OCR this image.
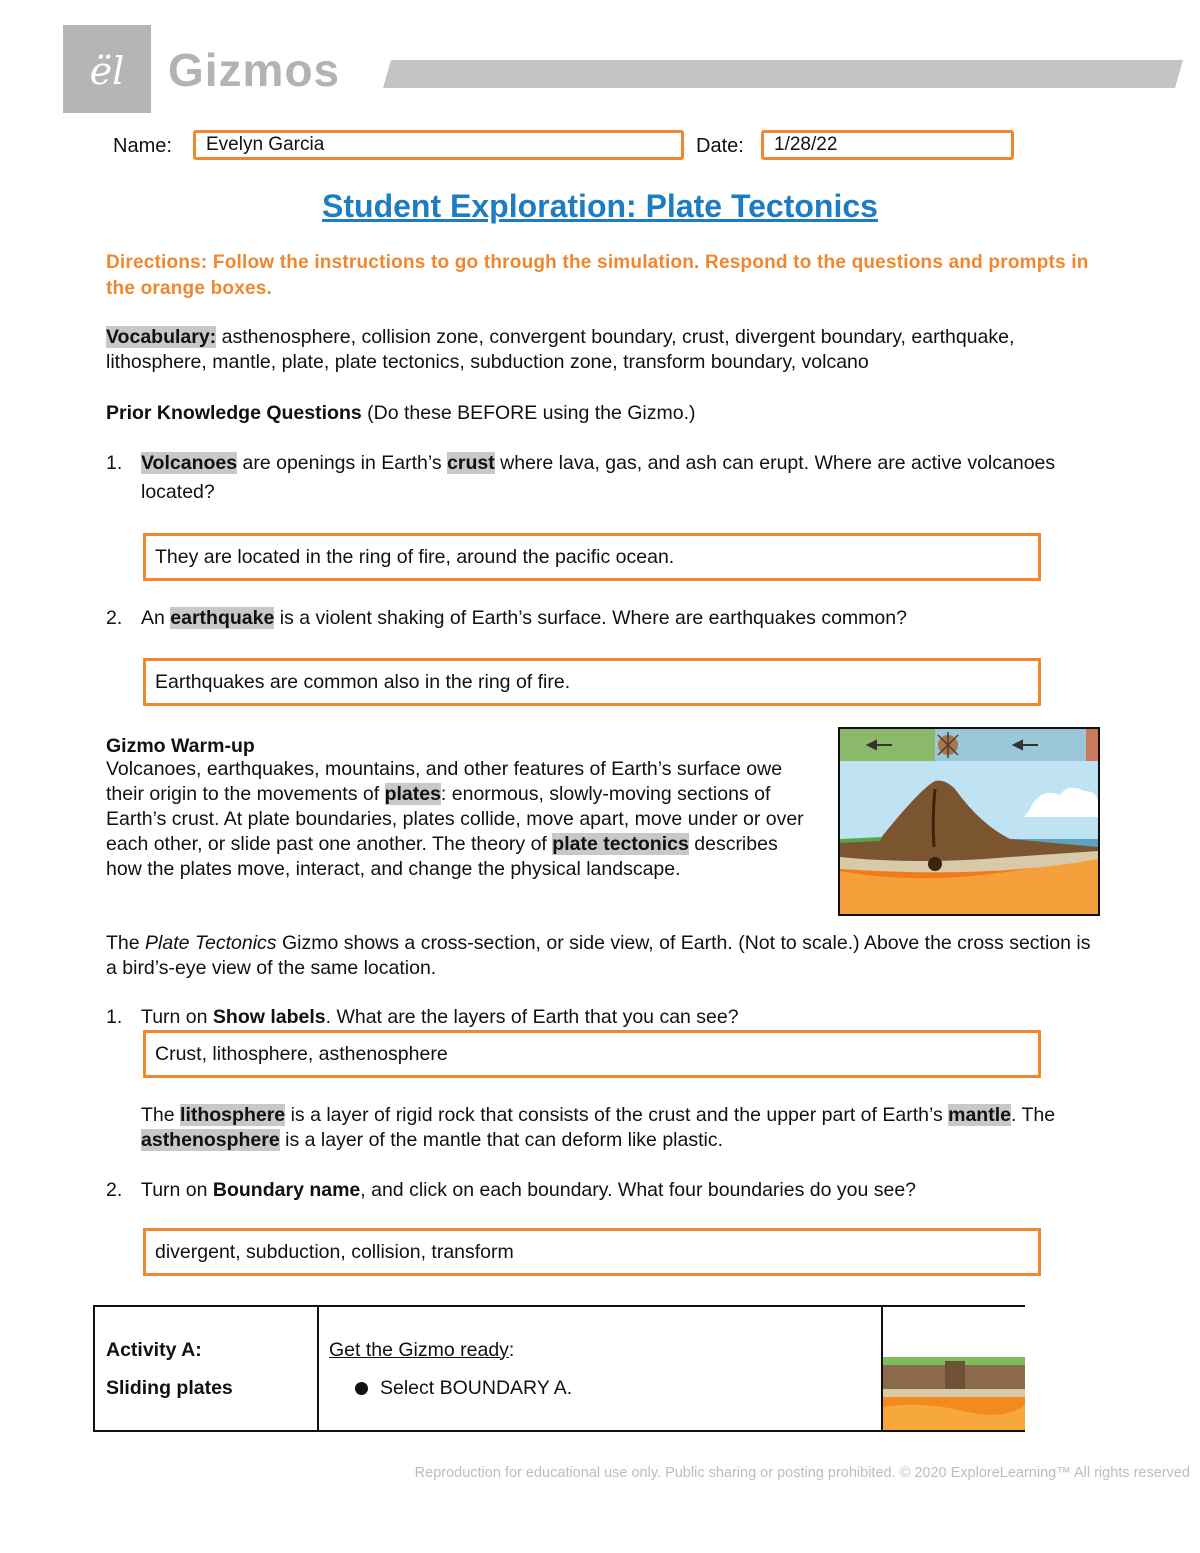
ël Gizmos
Name:	Evelyn Garcia	Date:	1/28/22
Student Exploration: Plate Tectonics
Directions: Follow the instructions to go through the simulation. Respond to the questions and prompts in the orange boxes.
Vocabulary: asthenosphere, collision zone, convergent boundary, crust, divergent boundary, earthquake, lithosphere, mantle, plate, plate tectonics, subduction zone, transform boundary, volcano
Prior Knowledge Questions (Do these BEFORE using the Gizmo.)
1. Volcanoes are openings in Earth’s crust where lava, gas, and ash can erupt. Where are active volcanoes located?
They are located in the ring of fire, around the pacific ocean.
2. An earthquake is a violent shaking of Earth’s surface. Where are earthquakes common?
Earthquakes are common also in the ring of fire.
Gizmo Warm-up
Volcanoes, earthquakes, mountains, and other features of Earth’s surface owe their origin to the movements of plates: enormous, slowly-moving sections of Earth’s crust. At plate boundaries, plates collide, move apart, move under or over each other, or slide past one another. The theory of plate tectonics describes how the plates move, interact, and change the physical landscape.
The Plate Tectonics Gizmo shows a cross-section, or side view, of Earth. (Not to scale.) Above the cross section is a bird’s-eye view of the same location.
1. Turn on Show labels. What are the layers of Earth that you can see?
Crust, lithosphere, asthenosphere
The lithosphere is a layer of rigid rock that consists of the crust and the upper part of Earth’s mantle. The asthenosphere is a layer of the mantle that can deform like plastic.
2. Turn on Boundary name, and click on each boundary. What four boundaries do you see?
divergent, subduction, collision, transform
Activity A:
Sliding plates

Get the Gizmo ready:
Select BOUNDARY A.

Reproduction for educational use only. Public sharing or posting prohibited. © 2020 ExploreLearning™ All rights reserved
